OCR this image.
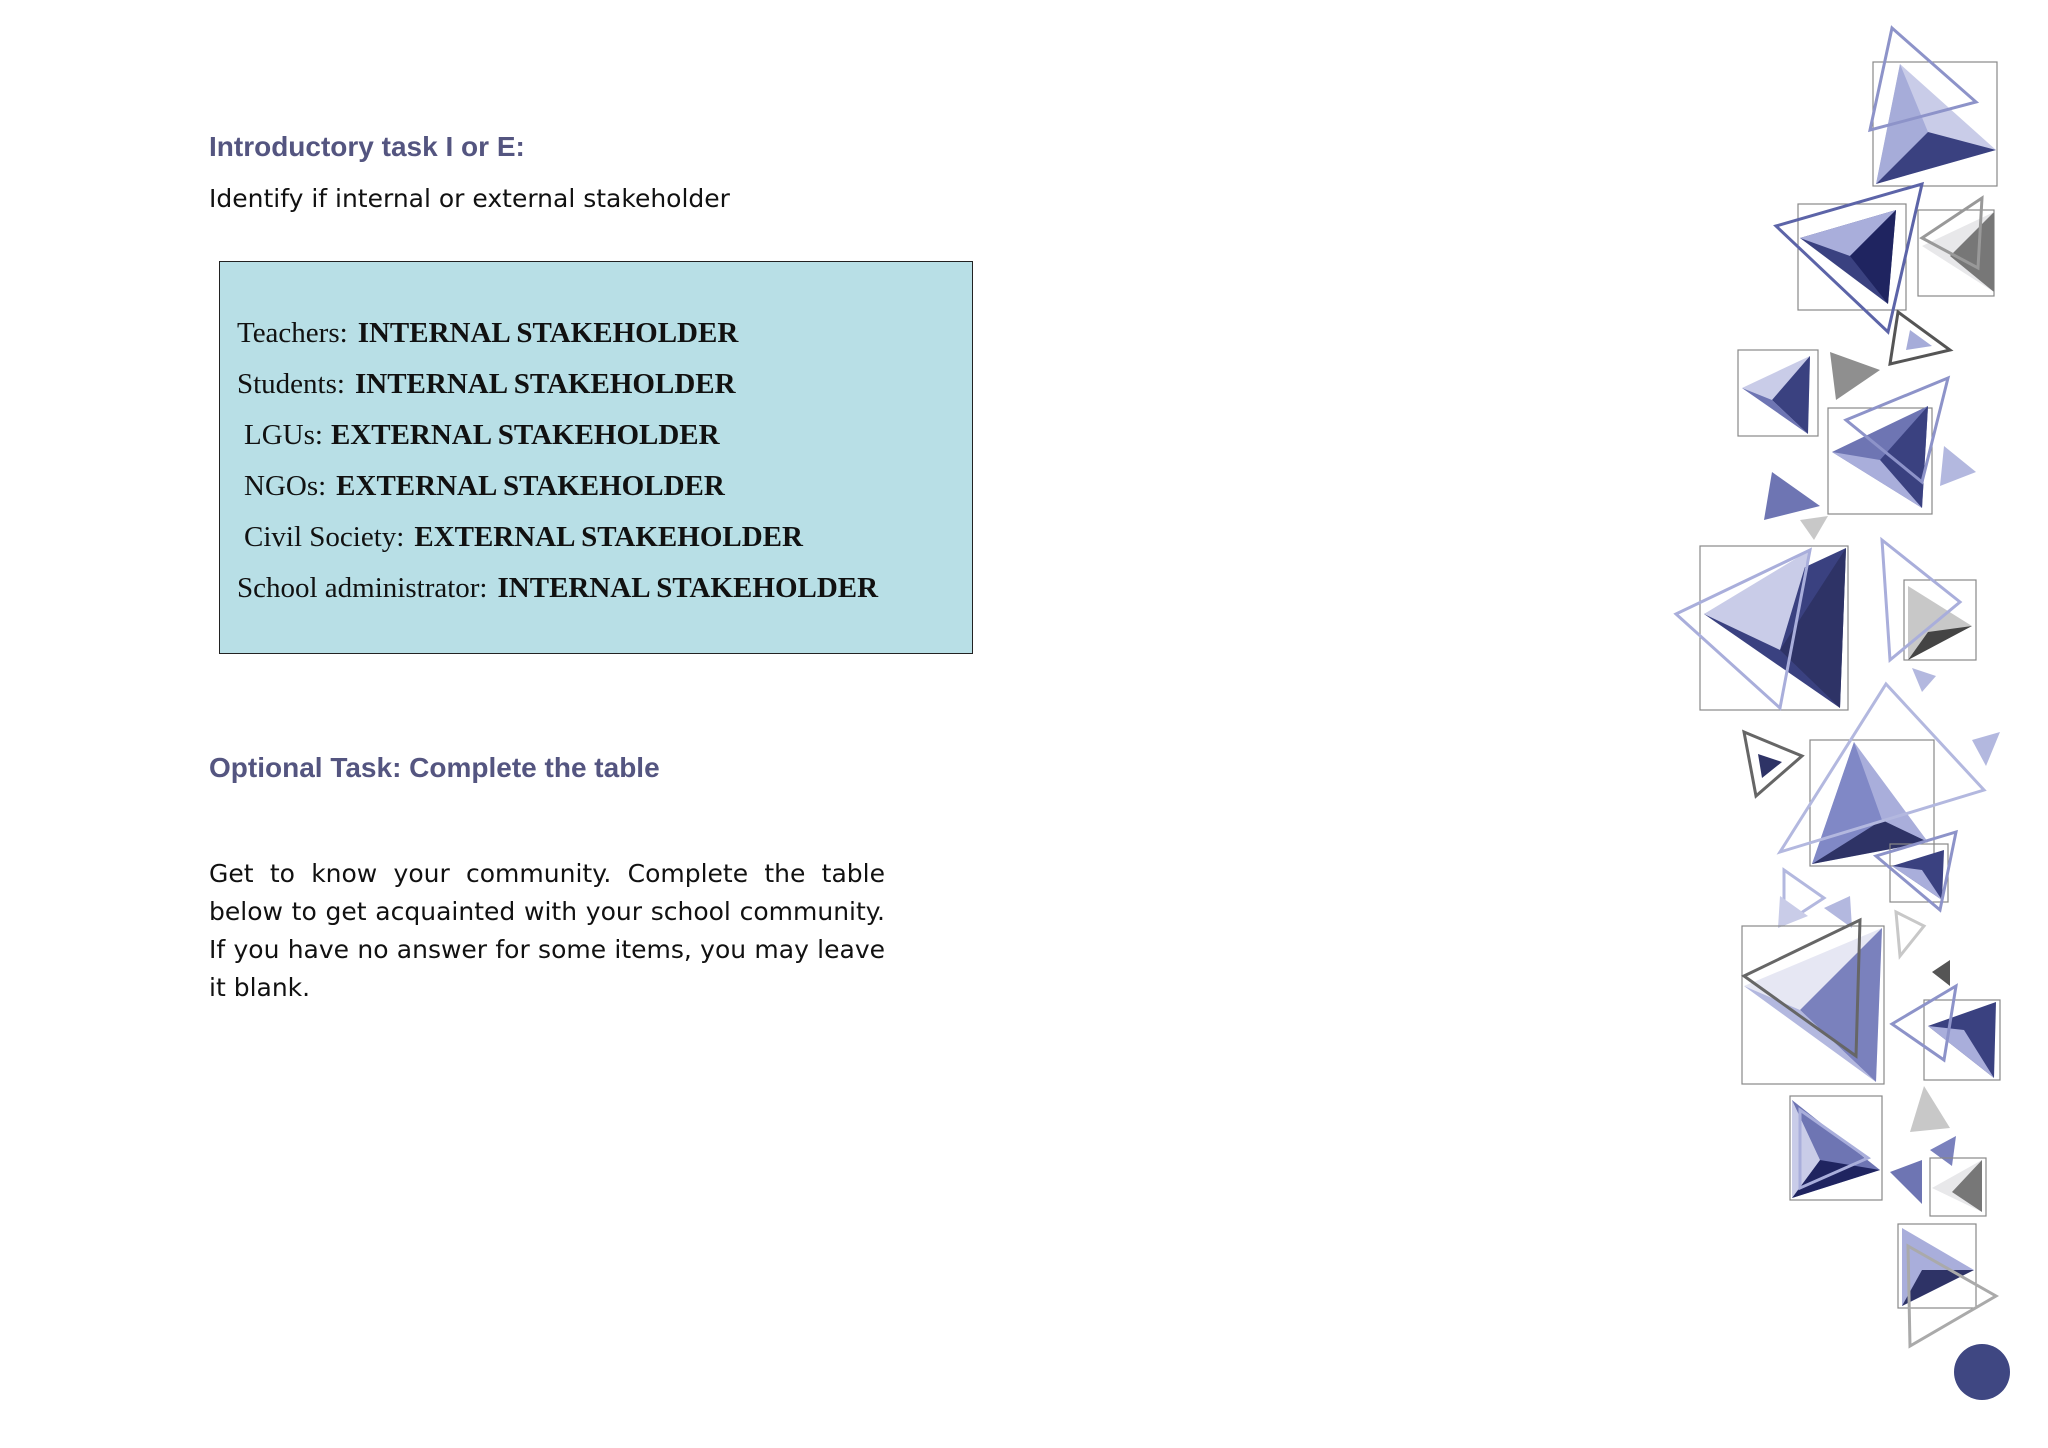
Introductory task I or E:
Identify if internal or external stakeholder
Teachers: INTERNAL STAKEHOLDER
Students: INTERNAL STAKEHOLDER
LGUs: EXTERNAL STAKEHOLDER
NGOs: EXTERNAL STAKEHOLDER
Civil Society: EXTERNAL STAKEHOLDER
School administrator: INTERNAL STAKEHOLDER
Optional Task: Complete the table
Get to know your community. Complete the table below to get acquainted with your school community. If you have no answer for some items, you may leave it blank.
